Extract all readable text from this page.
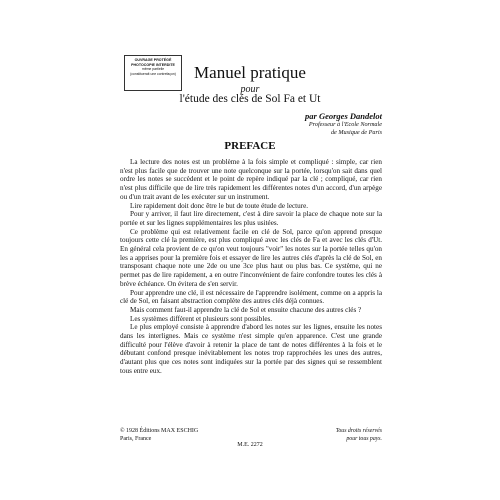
OUVRAGE PROTÉGÉ
PHOTOCOPIE INTERDITE
même partielle
(constituerait une contrefaçon)	Manuel pratique
pour
l'étude des clés de Sol Fa et Ut
par Georges Dandelot
Professeur à l'Ecole Normale
de Musique de Paris
PREFACE

La lecture des notes est un problème à la fois simple et compliqué : simple, car rien n'est plus facile que de trouver une note quelconque sur la portée, lorsqu'on sait dans quel ordre les notes se succèdent et le point de repère indiqué par la clé ; compliqué, car rien n'est plus difficile que de lire très rapidement les différentes notes d'un accord, d'un arpège ou d'un trait avant de les exécuter sur un instrument.

Lire rapidement doit donc être le but de toute étude de lecture.

Pour y arriver, il faut lire directement, c'est à dire savoir la place de chaque note sur la portée et sur les lignes supplémentaires les plus usitées.

Ce problème qui est relativement facile en clé de Sol, parce qu'on apprend presque toujours cette clé la première, est plus compliqué avec les clés de Fa et avec les clés d'Ut. En général cela provient de ce qu'on veut toujours "voir" les notes sur la portée telles qu'on les a apprises pour la première fois et essayer de lire les autres clés d'après la clé de Sol, en transposant chaque note une 2de ou une 3ce plus haut ou plus bas. Ce système, qui ne permet pas de lire rapidement, a en outre l'inconvénient de faire confondre toutes les clés à brève échéance. On évitera de s'en servir.

Pour apprendre une clé, il est nécessaire de l'apprendre isolément, comme on a appris la clé de Sol, en faisant abstraction complète des autres clés déjà connues.

Mais comment faut-il apprendre la clé de Sol et ensuite chacune des autres clés ?

Les systèmes diffèrent et plusieurs sont possibles.

Le plus employé consiste à apprendre d'abord les notes sur les lignes, ensuite les notes dans les interlignes. Mais ce système n'est simple qu'en apparence. C'est une grande difficulté pour l'élève d'avoir à retenir la place de tant de notes différentes à la fois et le débutant confond presque inévitablement les notes trop rapprochées les unes des autres, d'autant plus que ces notes sont indiquées sur la portée par des signes qui se ressemblent tous entre eux.

© 1928 Éditions MAX ESCHIG
Paris, France
Tous droits réservés
pour tous pays.
M.E. 2272
